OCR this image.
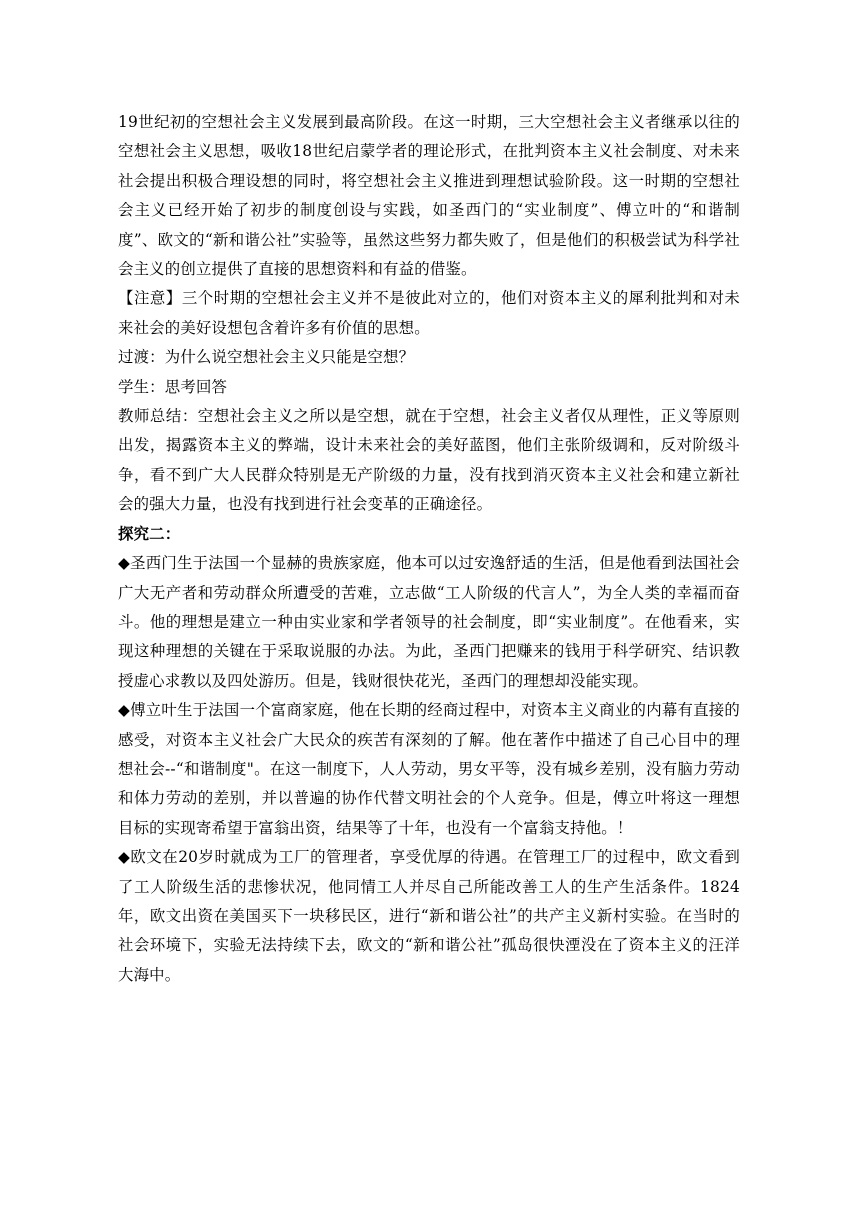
19世纪初的空想社会主义发展到最高阶段。在这一时期，三大空想社会主义者继承以往的空想社会主义思想，吸收18世纪启蒙学者的理论形式，在批判资本主义社会制度、对未来社会提出积极合理设想的同时，将空想社会主义推进到理想试验阶段。这一时期的空想社会主义已经开始了初步的制度创设与实践，如圣西门的“实业制度”、傅立叶的“和谐制度”、欧文的“新和谐公社”实验等，虽然这些努力都失败了，但是他们的积极尝试为科学社会主义的创立提供了直接的思想资料和有益的借鉴。

【注意】三个时期的空想社会主义并不是彼此对立的，他们对资本主义的犀利批判和对未来社会的美好设想包含着许多有价值的思想。

过渡：为什么说空想社会主义只能是空想？

学生：思考回答

教师总结：空想社会主义之所以是空想，就在于空想，社会主义者仅从理性，正义等原则出发，揭露资本主义的弊端，设计未来社会的美好蓝图，他们主张阶级调和，反对阶级斗争，看不到广大人民群众特别是无产阶级的力量，没有找到消灭资本主义社会和建立新社会的强大力量，也没有找到进行社会变革的正确途径。

探究二：

◆圣西门生于法国一个显赫的贵族家庭，他本可以过安逸舒适的生活，但是他看到法国社会广大无产者和劳动群众所遭受的苦难，立志做“工人阶级的代言人”，为全人类的幸福而奋斗。他的理想是建立一种由实业家和学者领导的社会制度，即“实业制度”。在他看来，实现这种理想的关键在于采取说服的办法。为此，圣西门把赚来的钱用于科学研究、结识教授虚心求教以及四处游历。但是，钱财很快花光，圣西门的理想却没能实现。

◆傅立叶生于法国一个富商家庭，他在长期的经商过程中，对资本主义商业的内幕有直接的感受，对资本主义社会广大民众的疾苦有深刻的了解。他在著作中描述了自己心目中的理想社会--“和谐制度"。在这一制度下，人人劳动，男女平等，没有城乡差别，没有脑力劳动和体力劳动的差别，并以普遍的协作代替文明社会的个人竞争。但是，傅立叶将这一理想目标的实现寄希望于富翁出资，结果等了十年，也没有一个富翁支持他。！

◆欧文在20岁时就成为工厂的管理者，享受优厚的待遇。在管理工厂的过程中，欧文看到了工人阶级生活的悲惨状况，他同情工人并尽自己所能改善工人的生产生活条件。1824年，欧文出资在美国买下一块移民区，进行“新和谐公社”的共产主义新村实验。在当时的社会环境下，实验无法持续下去，欧文的“新和谐公社”孤岛很快湮没在了资本主义的汪洋大海中。
